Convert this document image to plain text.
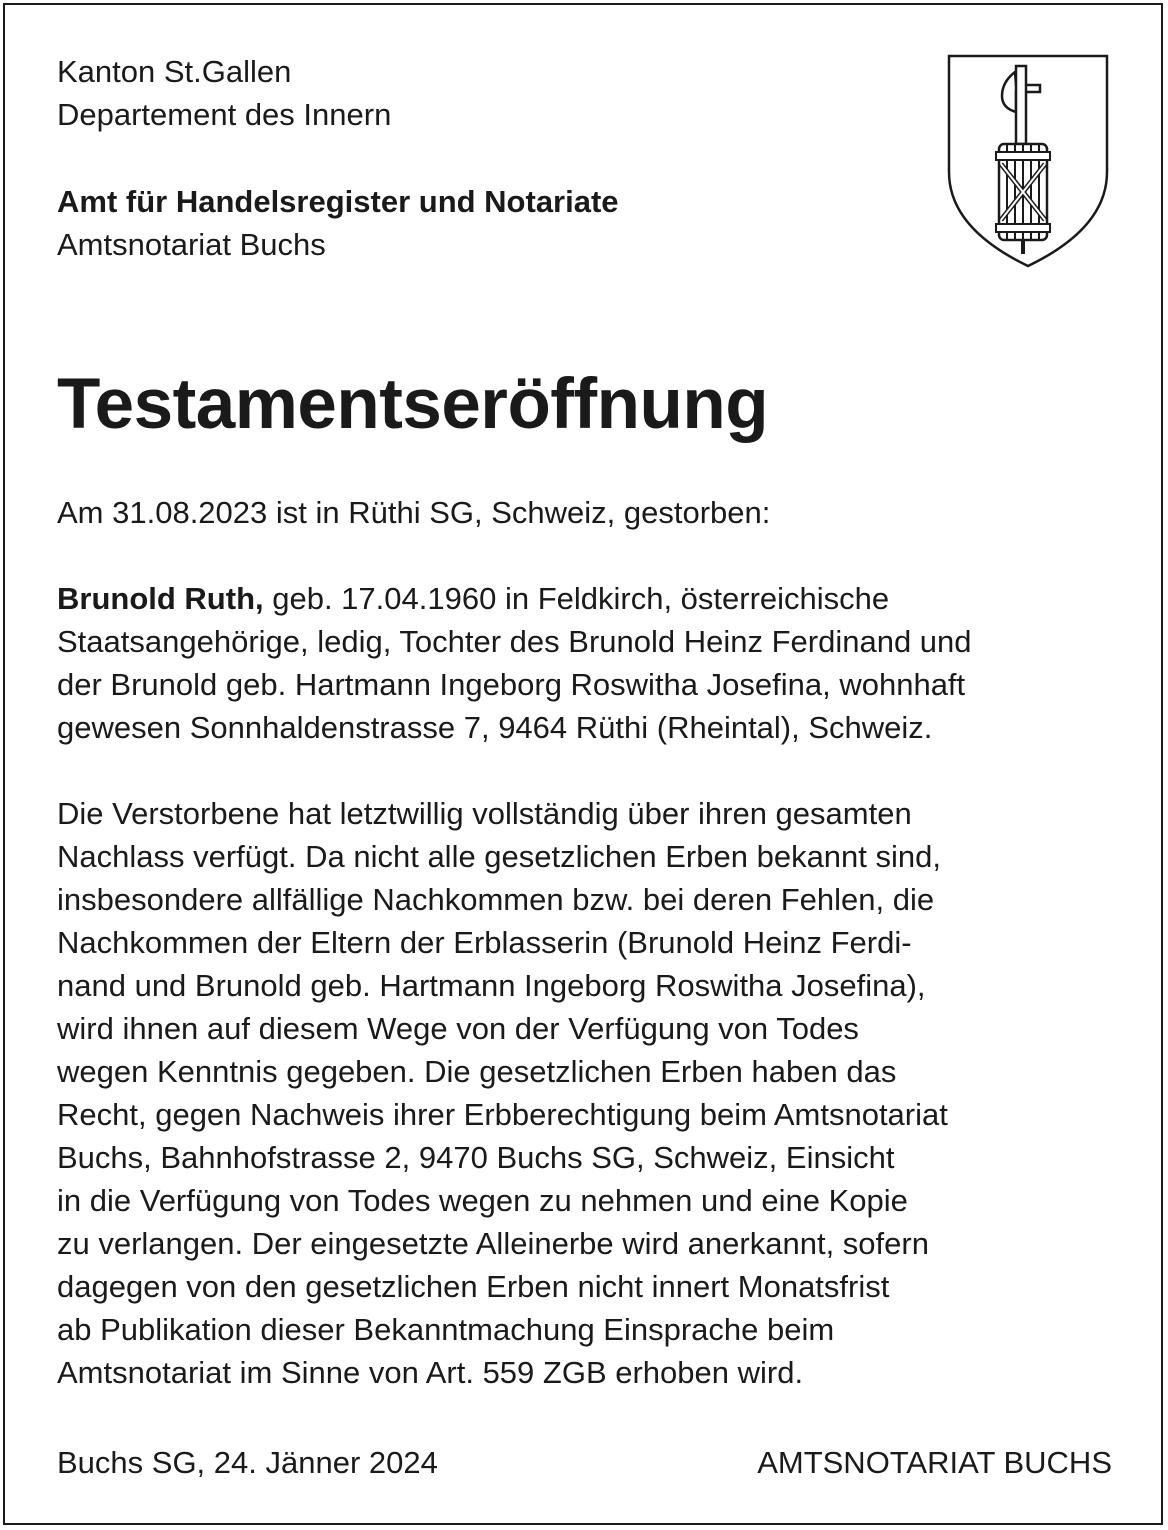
Kanton St.Gallen
Departement des Innern
Amt für Handelsregister und Notariate
Amtsnotariat Buchs
Testamentseröffnung

Am 31.08.2023 ist in Rüthi SG, Schweiz, gestorben:

Brunold Ruth, geb. 17.04.1960 in Feldkirch, österreichische
Staatsangehörige, ledig, Tochter des Brunold Heinz Ferdinand und
der Brunold geb. Hartmann Ingeborg Roswitha Josefina, wohnhaft
gewesen Sonnhaldenstrasse 7, 9464 Rüthi (Rheintal), Schweiz.

Die Verstorbene hat letztwillig vollständig über ihren gesamten
Nachlass verfügt. Da nicht alle gesetzlichen Erben bekannt sind,
insbesondere allfällige Nachkommen bzw. bei deren Fehlen, die
Nachkommen der Eltern der Erblasserin (Brunold Heinz Ferdi-
nand und Brunold geb. Hartmann Ingeborg Roswitha Josefina),
wird ihnen auf diesem Wege von der Verfügung von Todes
wegen Kenntnis gegeben. Die gesetzlichen Erben haben das
Recht, gegen Nachweis ihrer Erbberechtigung beim Amtsnotariat
Buchs, Bahnhofstrasse 2, 9470 Buchs SG, Schweiz, Einsicht
in die Verfügung von Todes wegen zu nehmen und eine Kopie
zu verlangen. Der eingesetzte Alleinerbe wird anerkannt, sofern
dagegen von den gesetzlichen Erben nicht innert Monatsfrist
ab Publikation dieser Bekanntmachung Einsprache beim
Amtsnotariat im Sinne von Art. 559 ZGB erhoben wird.

Buchs SG, 24. Jänner 2024	AMTSNOTARIAT BUCHS
